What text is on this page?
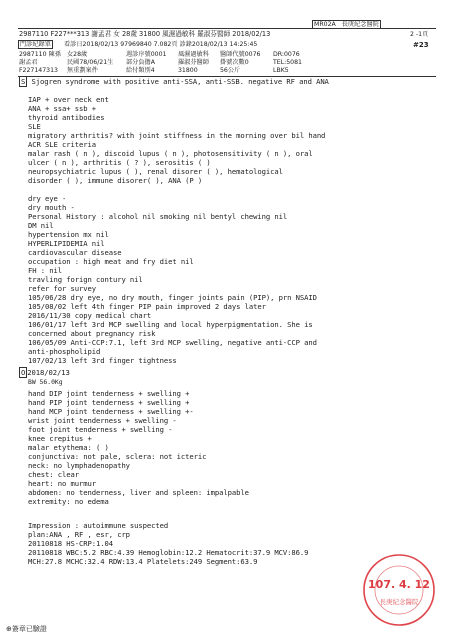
MR02A 長庚紀念醫院
2987110 F227***313 謝孟君 女 28歲 31800 風濕過敏科 羅淑芬醫師 2018/02/13	2 -1頁
門診紀錄單	看診日2018/02/13 97969840 7.082頁 診錄2018/02/13 14:25:45	#23
2987110 陳孫 女28歲	週診序號0001 風濕過敏科 醫師代號0076 DR:0076
謝孟君	民國78/06/21生 部分負擔A	羅淑芬醫師 掛號次數0	TEL:5081
F227147313 無重劃案件	給付類別4	31800	56公斤	LBK5
S Sjogren syndrome with positive anti-SSA, anti-SSB. negative RF and ANA
IAP + over neck ent
ANA + ssa+ ssb +
thyroid antibodies
SLE
migratory arthritis? with joint stiffness in the morning over bil hand
ACR SLE criteria
malar rash ( n ), discoid lupus ( n ), photosensitivity ( n ), oral
ulcer ( n ), arthritis ( ? ), serositis ( )
neuropsychiatric lupus ( ), renal disorer ( ), hematological
disorder ( ), immune disorer( ), ANA (P )
dry eye -
dry mouth -
Personal History : alcohol nil smoking nil bentyl chewing nil
DM nil
hypertension mx nil
HYPERLIPIDEMIA nil
cardiovascular disease
occupation : high meat and fry diet nil
FH : nil
travling forign contury nil
refer for survey
105/06/28 dry eye, no dry mouth, finger joints pain (PIP), prn NSAID
105/08/02 left 4th finger PIP pain improved 2 days later
2016/11/30 copy medical chart
106/01/17 left 3rd MCP swelling and local hyperpigmentation. She is
concerned about pregnancy risk
106/05/09 Anti-CCP:7.1, left 3rd MCP swelling, negative anti-CCP and
anti-phospholipid
107/02/13 left 3rd finger tightness
O 2018/02/13
BW 56.0Kg
hand DIP joint tenderness + swelling +
hand PIP joint tenderness + swelling +
hand MCP joint tenderness + swelling +-
wrist joint tenderness + swelling -
foot joint tenderness + swelling -
knee crepitus +
malar etythema: ( )
conjunctiva: not pale, sclera: not icteric
neck: no lymphadenopathy
chest: clear
heart: no murmur
abdomen: no tenderness, liver and spleen: impalpable
extremity: no edema
Impression : autoimmune suspected
plan:ANA , RF , esr, crp
20110818 HS-CRP:1.04
20110818 WBC:5.2 RBC:4.39 Hemoglobin:12.2 Hematocrit:37.9 MCV:86.9
MCH:27.8 MCHC:32.4 RDW:13.4 Platelets:249 Segment:63.9
107. 4. 12
長庚紀念醫院
⊕簽章已驗證
